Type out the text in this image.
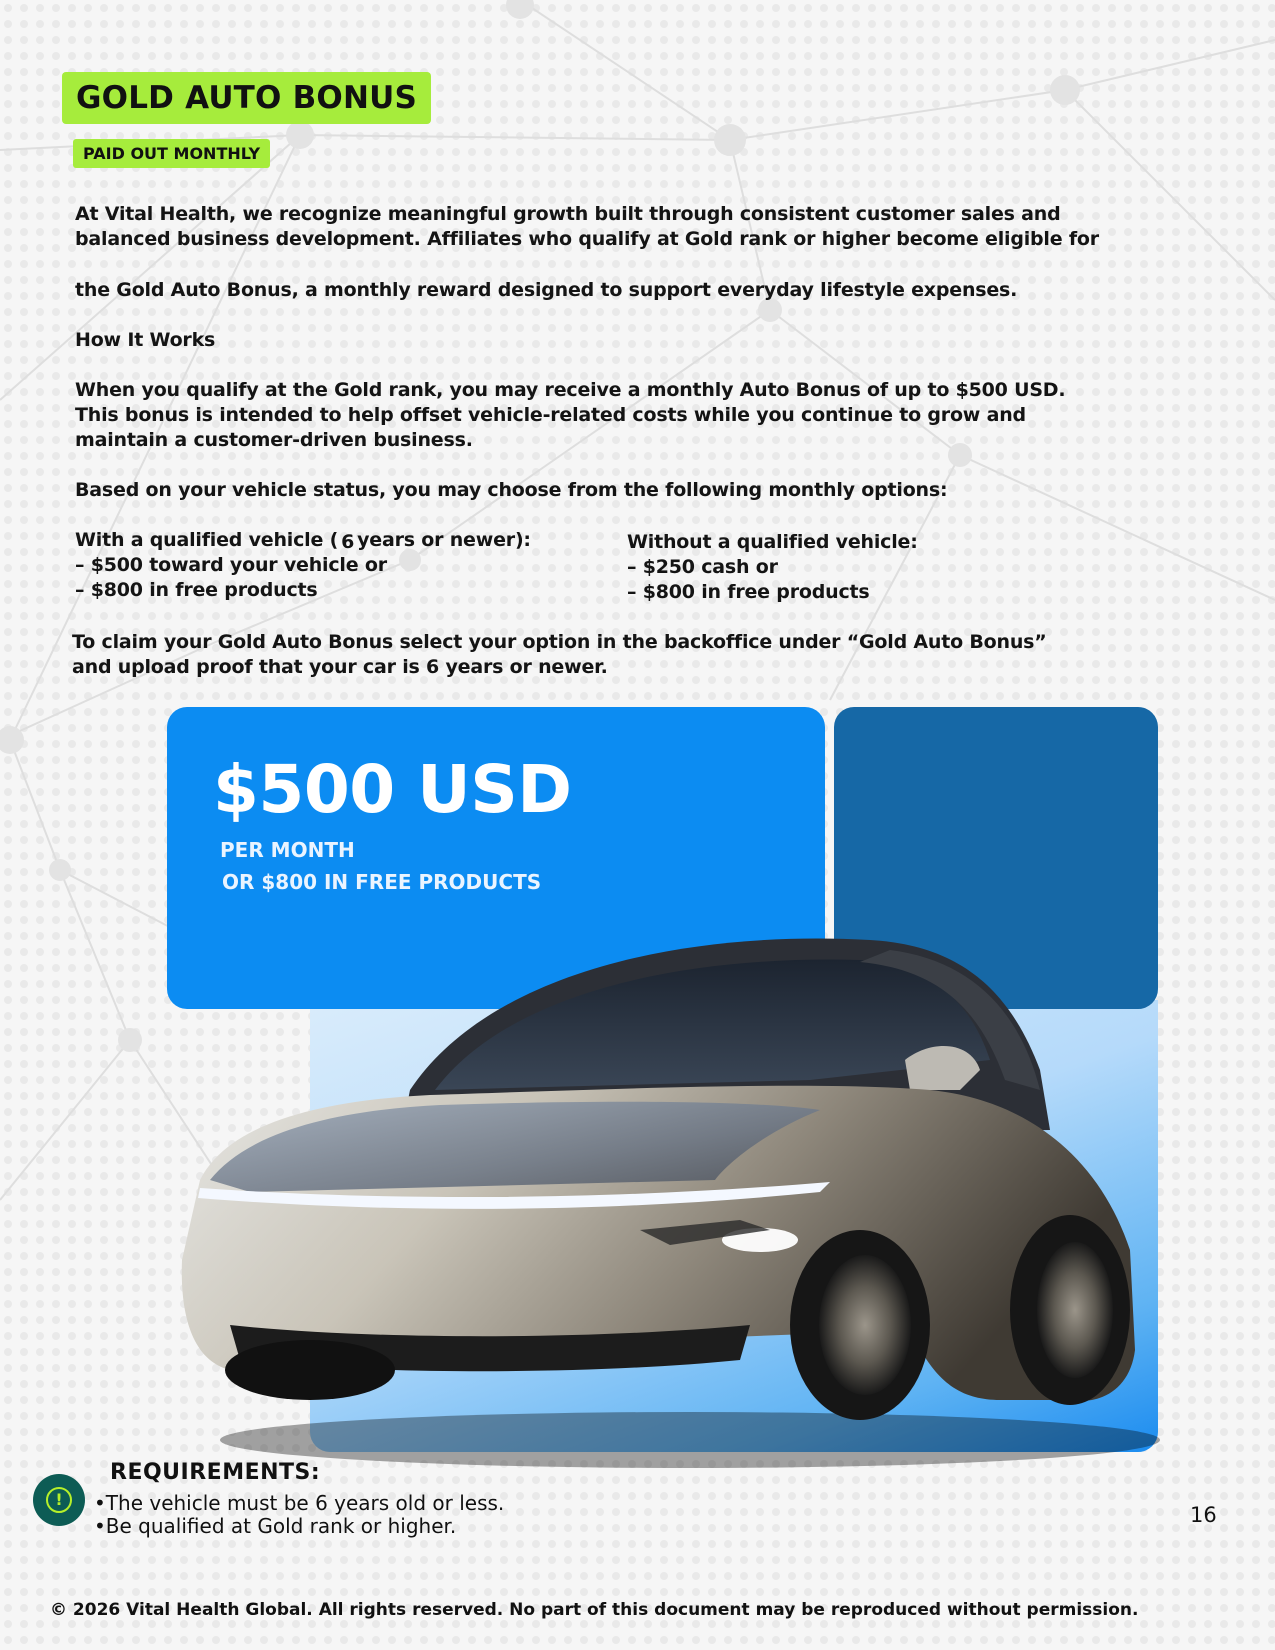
GOLD AUTO BONUS
PAID OUT MONTHLY

At Vital Health, we recognize meaningful growth built through consistent customer sales and
balanced business development. Affiliates who qualify at Gold rank or higher become eligible for

the Gold Auto Bonus, a monthly reward designed to support everyday lifestyle expenses.

How It Works

When you qualify at the Gold rank, you may receive a monthly Auto Bonus of up to $500 USD.
This bonus is intended to help offset vehicle-related costs while you continue to grow and
maintain a customer-driven business.

Based on your vehicle status, you may choose from the following monthly options:

With a qualified vehicle ( 6 years or newer):
– $500 toward your vehicle or
– $800 in free products
Without a qualified vehicle:
– $250 cash or
– $800 in free products

To claim your Gold Auto Bonus select your option in the backoffice under “Gold Auto Bonus”
and upload proof that your car is 6 years or newer.

$500 USD
PER MONTH
OR $800 IN FREE PRODUCTS
!
REQUIREMENTS:
•The vehicle must be 6 years old or less.
•Be qualified at Gold rank or higher.	16
© 2026 Vital Health Global. All rights reserved. No part of this document may be reproduced without permission.
